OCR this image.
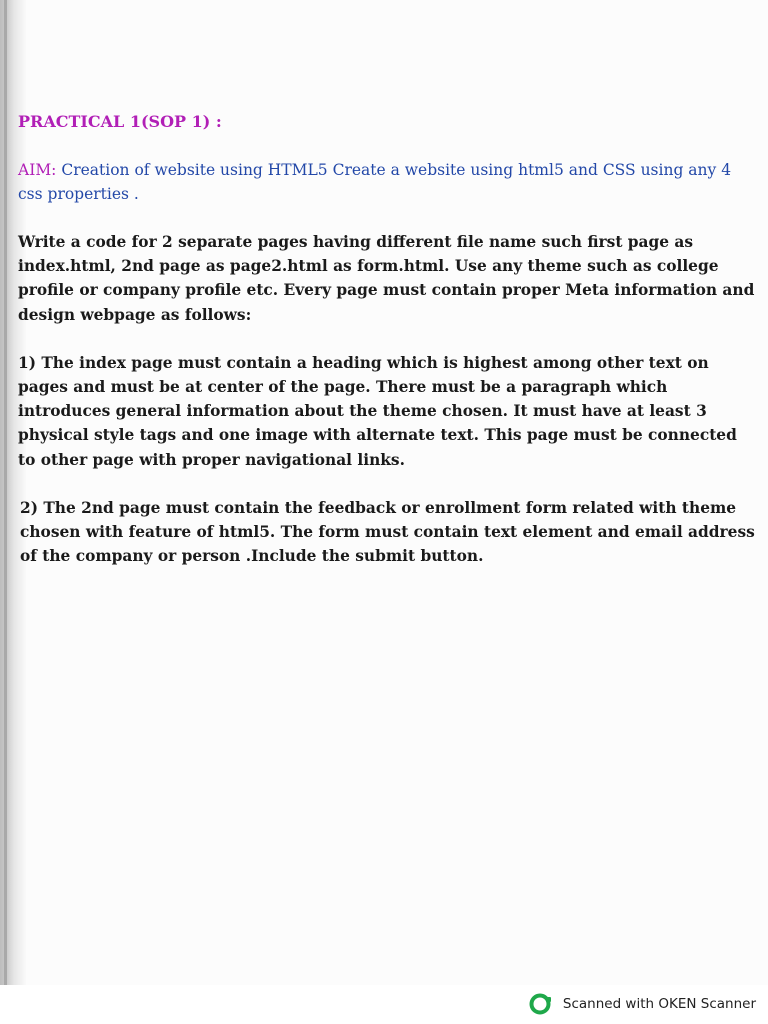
PRACTICAL 1(SOP 1) :

AIM: Creation of website using HTML5 Create a website using html5 and CSS using any 4 css properties .

Write a code for 2 separate pages having different file name such first page as index.html, 2nd page as page2.html as form.html. Use any theme such as college profile or company profile etc. Every page must contain proper Meta information and design webpage as follows:

1) The index page must contain a heading which is highest among other text on pages and must be at center of the page. There must be a paragraph which introduces general information about the theme chosen. It must have at least 3 physical style tags and one image with alternate text. This page must be connected to other page with proper navigational links.

2) The 2nd page must contain the feedback or enrollment form related with theme chosen with feature of html5. The form must contain text element and email address of the company or person .Include the submit button.

Scanned with OKEN Scanner
